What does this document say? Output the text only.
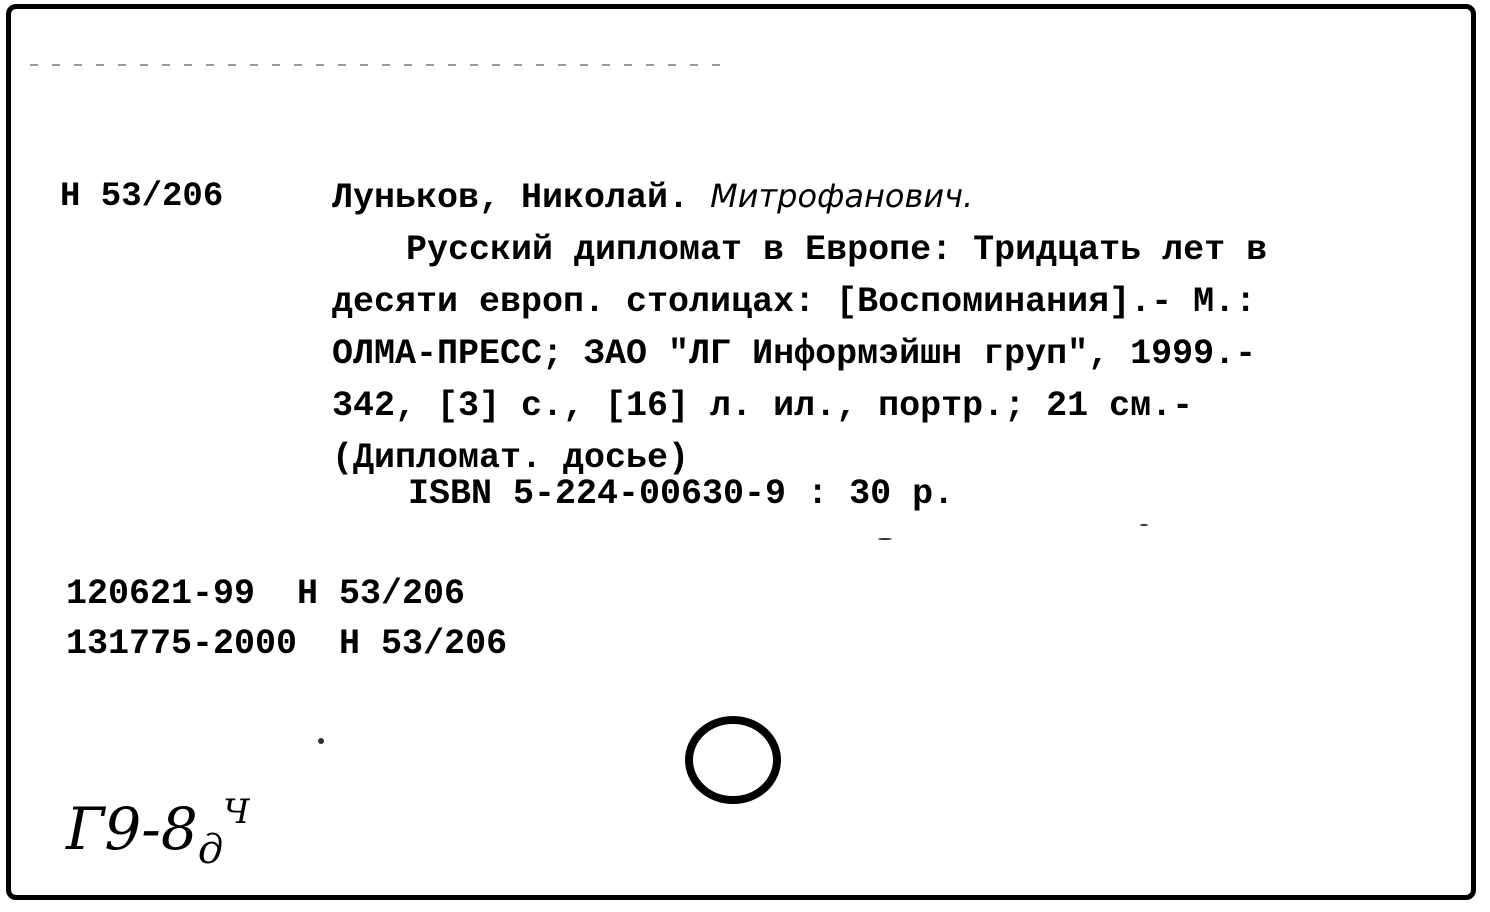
Н 53/206	Луньков, Николай. Митрофанович.

Русский дипломат в Европе: Тридцать лет в

десяти европ. столицах: [Воспоминания].- М.:

ОЛМА-ПРЕСС; ЗАО "ЛГ Информэйшн груп", 1999.-

342, [3] с., [16] л. ил., портр.; 21 см.-

(Дипломат. досье)

ISBN 5-224-00630-9 : 30 р.
120621-99  Н 53/206
131775-2000  Н 53/206
$Г9-8_д^Ч$
